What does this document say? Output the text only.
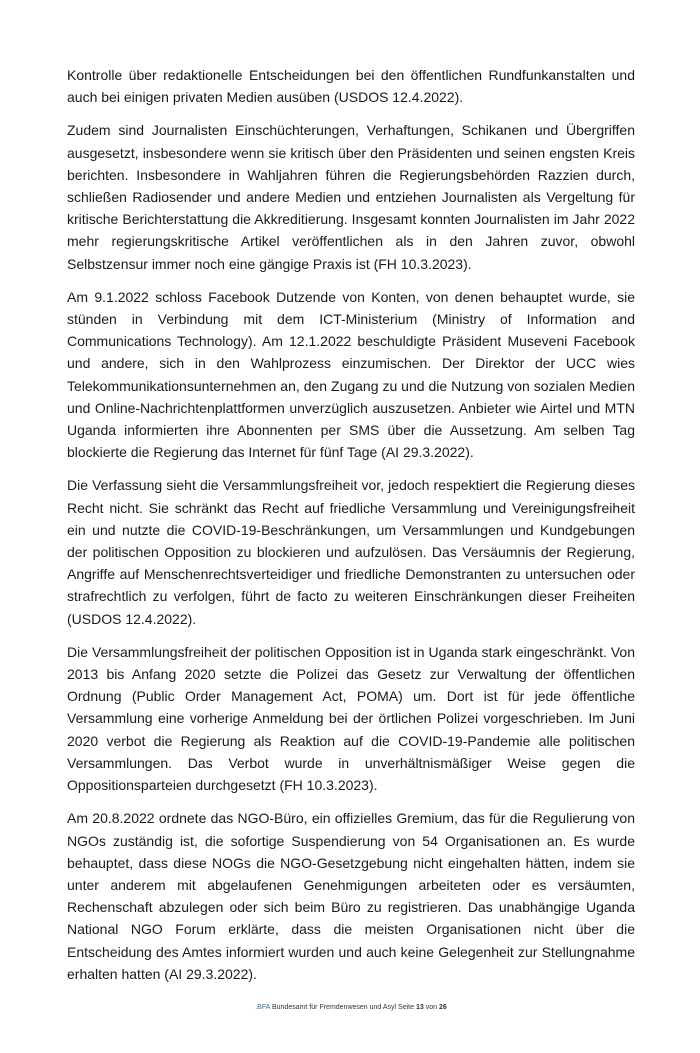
Kontrolle über redaktionelle Entscheidungen bei den öffentlichen Rundfunkanstalten und auch bei einigen privaten Medien ausüben (USDOS 12.4.2022).

Zudem sind Journalisten Einschüchterungen, Verhaftungen, Schikanen und Übergriffen ausgesetzt, insbesondere wenn sie kritisch über den Präsidenten und seinen engsten Kreis berichten. Insbesondere in Wahljahren führen die Regierungsbehörden Razzien durch, schließen Radiosender und andere Medien und entziehen Journalisten als Vergeltung für kritische Berichterstattung die Akkreditierung. Insgesamt konnten Journalisten im Jahr 2022 mehr regierungskritische Artikel veröffentlichen als in den Jahren zuvor, obwohl Selbstzensur immer noch eine gängige Praxis ist (FH 10.3.2023).

Am 9.1.2022 schloss Facebook Dutzende von Konten, von denen behauptet wurde, sie stünden in Verbindung mit dem ICT-Ministerium (Ministry of Information and Communications Technology). Am 12.1.2022 beschuldigte Präsident Museveni Facebook und andere, sich in den Wahlprozess einzumischen. Der Direktor der UCC wies Telekommunikationsunternehmen an, den Zugang zu und die Nutzung von sozialen Medien und Online-Nachrichtenplattformen unverzüglich auszusetzen. Anbieter wie Airtel und MTN Uganda informierten ihre Abonnenten per SMS über die Aussetzung. Am selben Tag blockierte die Regierung das Internet für fünf Tage (AI 29.3.2022).

Die Verfassung sieht die Versammlungsfreiheit vor, jedoch respektiert die Regierung dieses Recht nicht. Sie schränkt das Recht auf friedliche Versammlung und Vereinigungsfreiheit ein und nutzte die COVID-19-Beschränkungen, um Versammlungen und Kundgebungen der politischen Opposition zu blockieren und aufzulösen. Das Versäumnis der Regierung, Angriffe auf Menschenrechtsverteidiger und friedliche Demonstranten zu untersuchen oder strafrechtlich zu verfolgen, führt de facto zu weiteren Einschränkungen dieser Freiheiten (USDOS 12.4.2022).

Die Versammlungsfreiheit der politischen Opposition ist in Uganda stark eingeschränkt. Von 2013 bis Anfang 2020 setzte die Polizei das Gesetz zur Verwaltung der öffentlichen Ordnung (Public Order Management Act, POMA) um. Dort ist für jede öffentliche Versammlung eine vorherige Anmeldung bei der örtlichen Polizei vorgeschrieben. Im Juni 2020 verbot die Regierung als Reaktion auf die COVID-19-Pandemie alle politischen Versammlungen. Das Verbot wurde in unverhältnismäßiger Weise gegen die Oppositionsparteien durchgesetzt (FH 10.3.2023).

Am 20.8.2022 ordnete das NGO-Büro, ein offizielles Gremium, das für die Regulierung von NGOs zuständig ist, die sofortige Suspendierung von 54 Organisationen an. Es wurde behauptet, dass diese NOGs die NGO-Gesetzgebung nicht eingehalten hätten, indem sie unter anderem mit abgelaufenen Genehmigungen arbeiteten oder es versäumten, Rechenschaft abzulegen oder sich beim Büro zu registrieren. Das unabhängige Uganda National NGO Forum erklärte, dass die meisten Organisationen nicht über die Entscheidung des Amtes informiert wurden und auch keine Gelegenheit zur Stellungnahme erhalten hatten (AI 29.3.2022).

.BFA Bundesamt für Fremdenwesen und Asyl Seite 13 von 26
